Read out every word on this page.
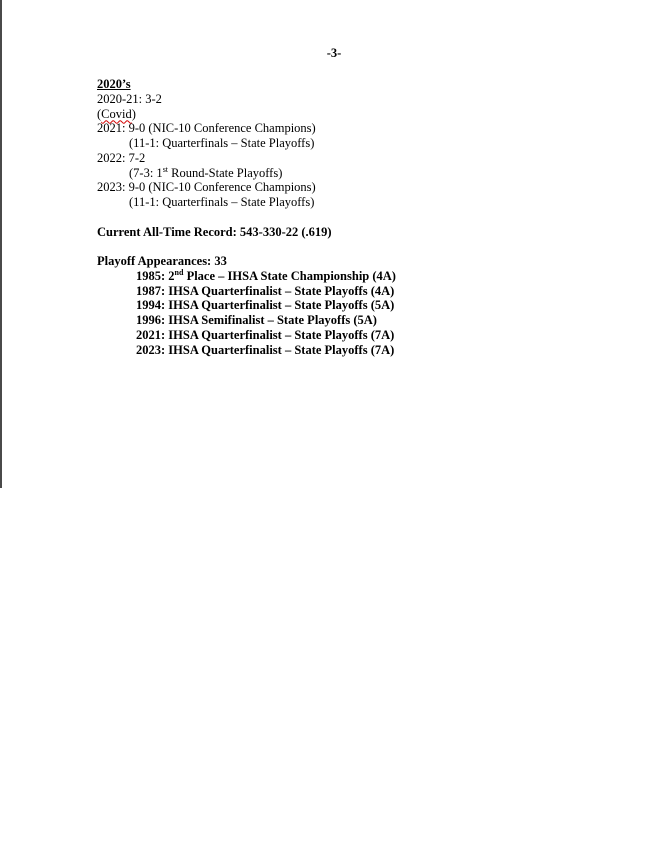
-3-
2020’s
2020-21: 3-2
(Covid)
2021: 9-0 (NIC-10 Conference Champions)
(11-1: Quarterfinals – State Playoffs)
2022: 7-2
(7-3: 1st Round-State Playoffs)
2023: 9-0 (NIC-10 Conference Champions)
(11-1: Quarterfinals – State Playoffs)
Current All-Time Record: 543-330-22 (.619)
Playoff Appearances: 33
1985: 2nd Place – IHSA State Championship (4A)
1987: IHSA Quarterfinalist – State Playoffs (4A)
1994: IHSA Quarterfinalist – State Playoffs (5A)
1996: IHSA Semifinalist – State Playoffs (5A)
2021: IHSA Quarterfinalist – State Playoffs (7A)
2023: IHSA Quarterfinalist – State Playoffs (7A)
